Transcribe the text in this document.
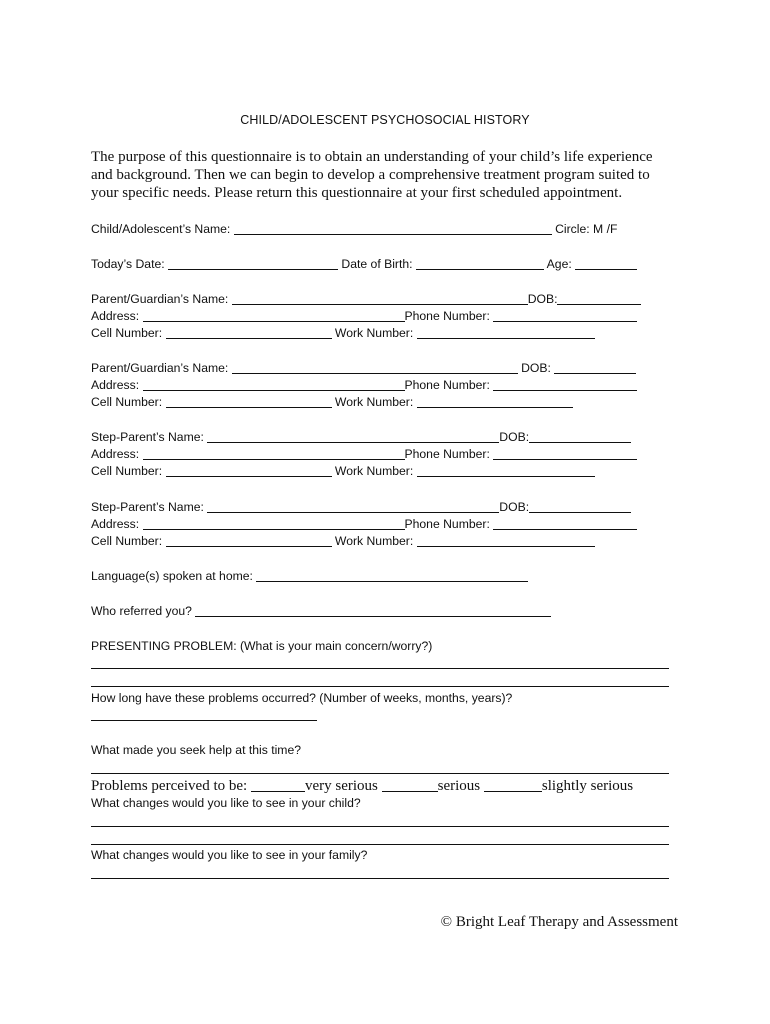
CHILD/ADOLESCENT PSYCHOSOCIAL HISTORY
The purpose of this questionnaire is to obtain an understanding of your child’s life experience
and background. Then we can begin to develop a comprehensive treatment program suited to
your specific needs. Please return this questionnaire at your first scheduled appointment.
Child/Adolescent’s Name:	Circle: M /F
Today’s Date:	Date of Birth:	Age:
Parent/Guardian’s Name:	DOB:
Address:	Phone Number:
Cell Number:	Work Number:
Parent/Guardian’s Name:	DOB:
Address:	Phone Number:
Cell Number:	Work Number:
Step-Parent’s Name:	DOB:
Address:	Phone Number:
Cell Number:	Work Number:
Step-Parent’s Name:	DOB:
Address:	Phone Number:
Cell Number:	Work Number:
Language(s) spoken at home:
Who referred you?
PRESENTING PROBLEM: (What is your main concern/worry?)
How long have these problems occurred? (Number of weeks, months, years)?
What made you seek help at this time?
Problems perceived to be:	very serious	serious	slightly serious
What changes would you like to see in your child?
What changes would you like to see in your family?
© Bright Leaf Therapy and Assessment
